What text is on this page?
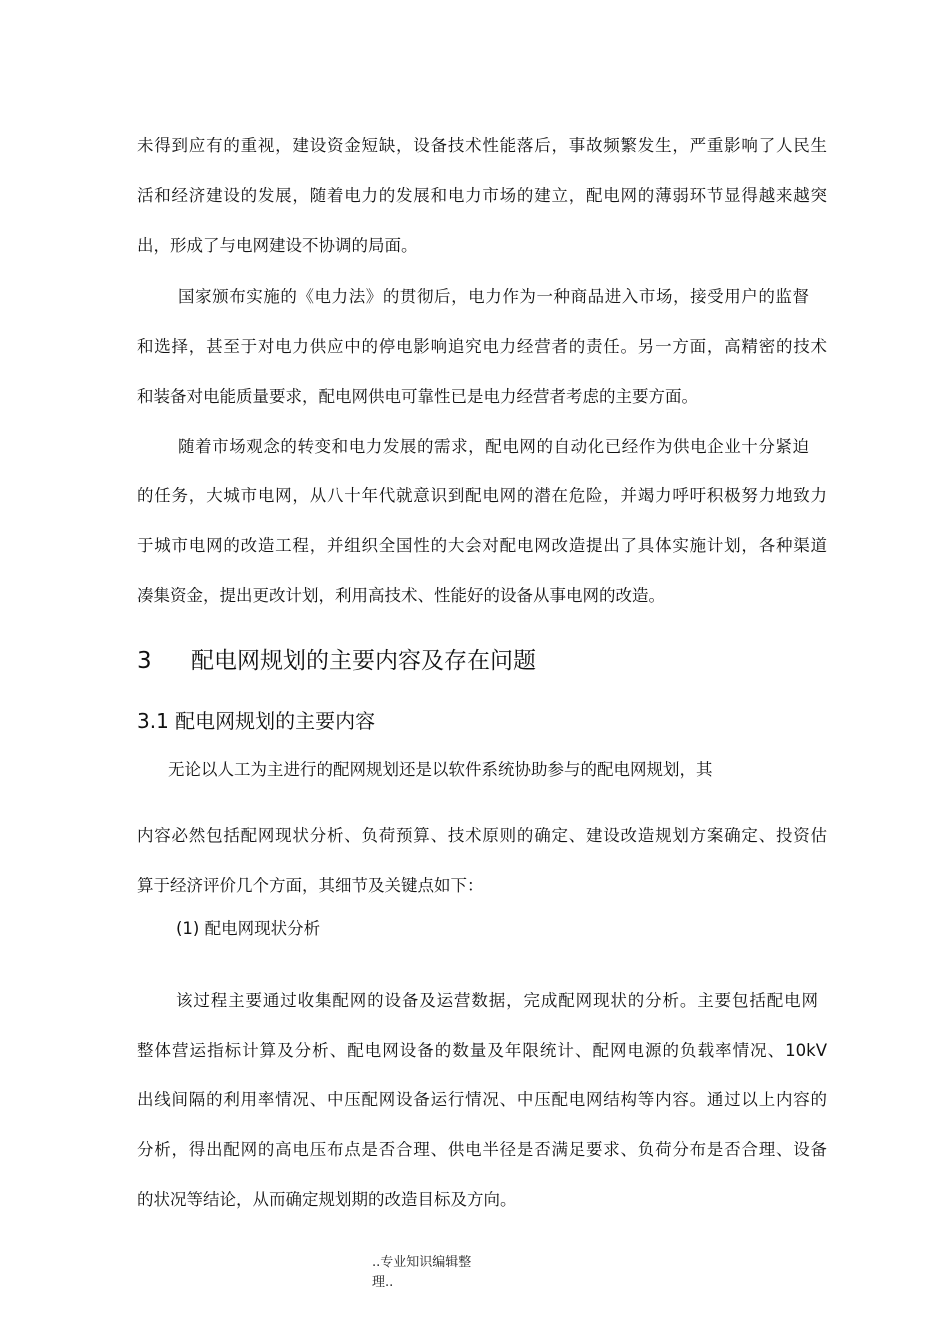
未得到应有的重视，建设资金短缺，设备技术性能落后，事故频繁发生，严重影响了人民生
活和经济建设的发展，随着电力的发展和电力市场的建立，配电网的薄弱环节显得越来越突
出，形成了与电网建设不协调的局面。
国家颁布实施的《电力法》的贯彻后，电力作为一种商品进入市场，接受用户的监督
和选择，甚至于对电力供应中的停电影响追究电力经营者的责任。另一方面，高精密的技术
和装备对电能质量要求，配电网供电可靠性已是电力经营者考虑的主要方面。
随着市场观念的转变和电力发展的需求，配电网的自动化已经作为供电企业十分紧迫
的任务，大城市电网，从八十年代就意识到配电网的潜在危险，并竭力呼吁积极努力地致力
于城市电网的改造工程，并组织全国性的大会对配电网改造提出了具体实施计划，各种渠道
凑集资金，提出更改计划，利用高技术、性能好的设备从事电网的改造。
3 配电网规划的主要内容及存在问题
3.1 配电网规划的主要内容
无论以人工为主进行的配网规划还是以软件系统协助参与的配电网规划，其
内容必然包括配网现状分析、负荷预算、技术原则的确定、建设改造规划方案确定、投资估
算于经济评价几个方面，其细节及关键点如下：
(1) 配电网现状分析
该过程主要通过收集配网的设备及运营数据，完成配网现状的分析。主要包括配电网
整体营运指标计算及分析、配电网设备的数量及年限统计、配网电源的负载率情况、10kV
出线间隔的利用率情况、中压配网设备运行情况、中压配电网结构等内容。通过以上内容的
分析，得出配网的高电压布点是否合理、供电半径是否满足要求、负荷分布是否合理、设备
的状况等结论，从而确定规划期的改造目标及方向。
..专业知识编辑整
理..
